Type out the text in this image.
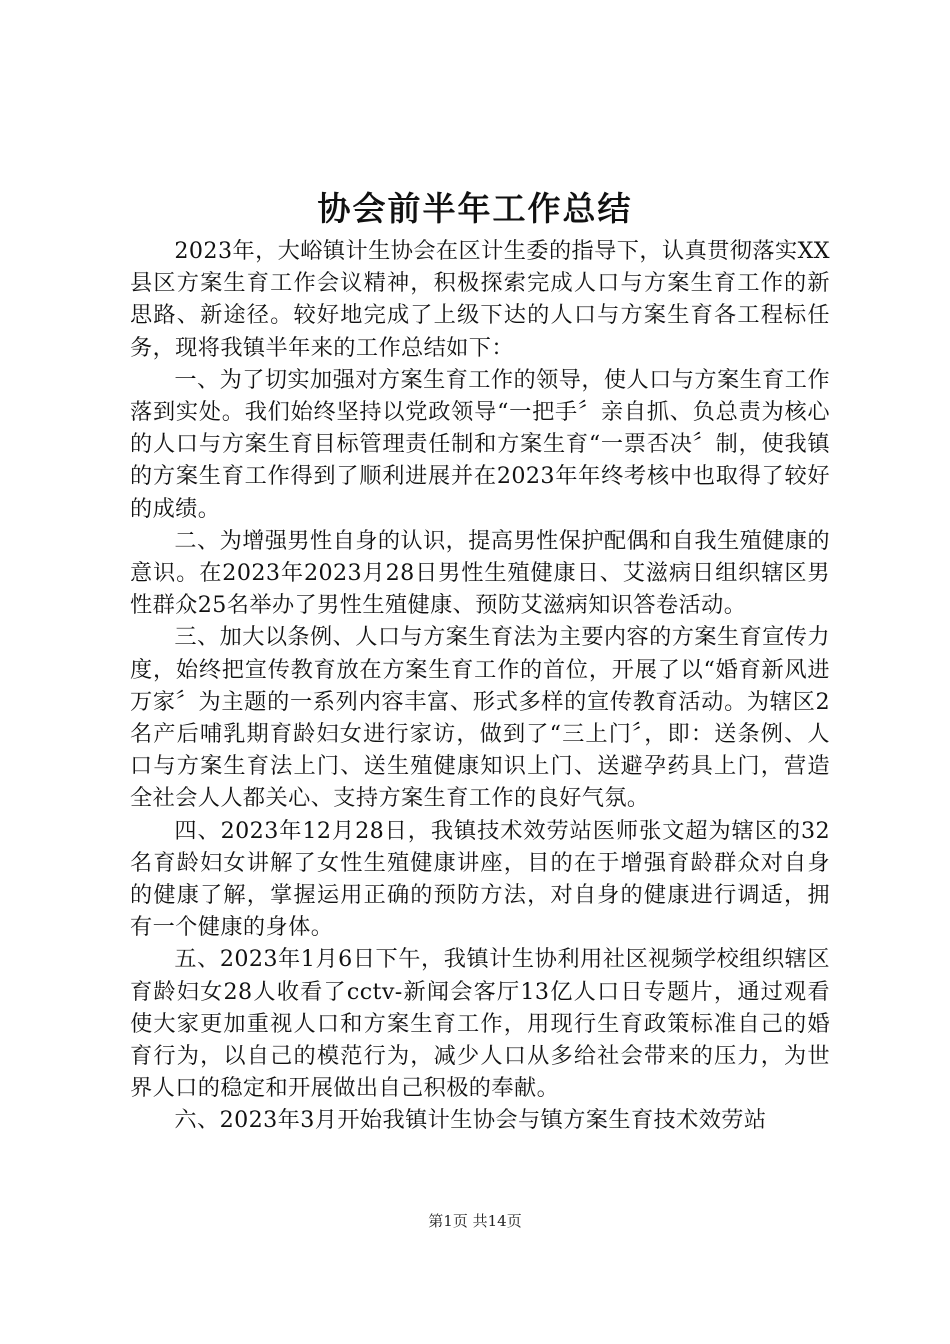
协会前半年工作总结

2023年，大峪镇计生协会在区计生委的指导下，认真贯彻落实XX县区方案生育工作会议精神，积极探索完成人口与方案生育工作的新思路、新途径。较好地完成了上级下达的人口与方案生育各工程标任务，现将我镇半年来的工作总结如下：

一、为了切实加强对方案生育工作的领导，使人口与方案生育工作落到实处。我们始终坚持以党政领导“一把手〞亲自抓、负总责为核心的人口与方案生育目标管理责任制和方案生育“一票否决〞制，使我镇的方案生育工作得到了顺利进展并在2023年年终考核中也取得了较好的成绩。

二、为增强男性自身的认识，提高男性保护配偶和自我生殖健康的意识。在2023年2023月28日男性生殖健康日、艾滋病日组织辖区男性群众25名举办了男性生殖健康、预防艾滋病知识答卷活动。

三、加大以条例、人口与方案生育法为主要内容的方案生育宣传力度，始终把宣传教育放在方案生育工作的首位，开展了以“婚育新风进万家〞为主题的一系列内容丰富、形式多样的宣传教育活动。为辖区2名产后哺乳期育龄妇女进行家访，做到了“三上门〞，即：送条例、人口与方案生育法上门、送生殖健康知识上门、送避孕药具上门，营造全社会人人都关心、支持方案生育工作的良好气氛。

四、2023年12月28日，我镇技术效劳站医师张文超为辖区的32名育龄妇女讲解了女性生殖健康讲座，目的在于增强育龄群众对自身的健康了解，掌握运用正确的预防方法，对自身的健康进行调适，拥有一个健康的身体。

五、2023年1月6日下午，我镇计生协利用社区视频学校组织辖区育龄妇女28人收看了cctv-新闻会客厅13亿人口日专题片，通过观看使大家更加重视人口和方案生育工作，用现行生育政策标准自己的婚育行为，以自己的模范行为，减少人口从多给社会带来的压力，为世界人口的稳定和开展做出自己积极的奉献。

六、2023年3月开始我镇计生协会与镇方案生育技术效劳站

第1页 共14页
